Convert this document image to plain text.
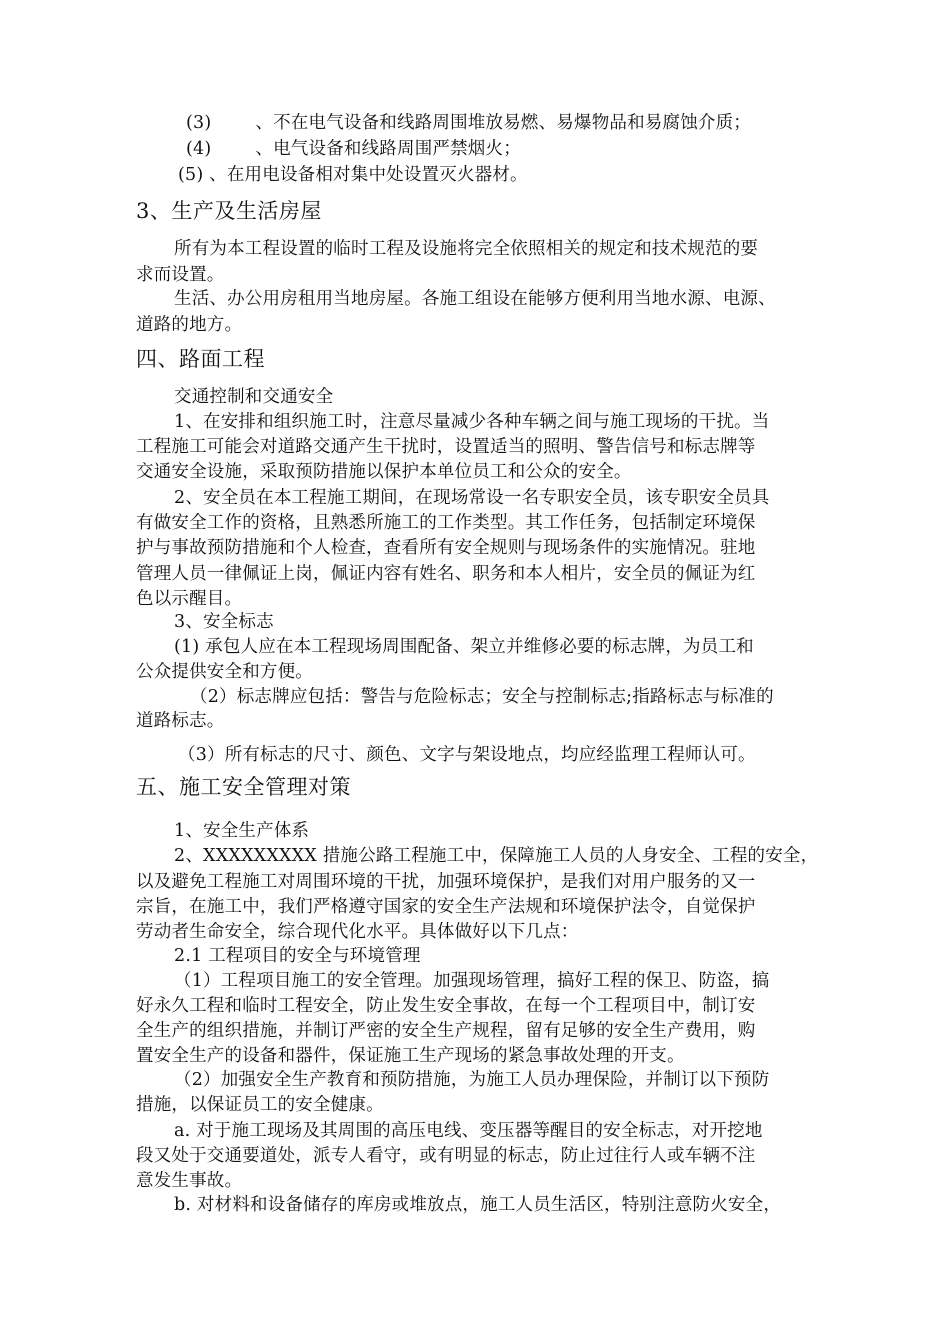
(3)	、不在电气设备和线路周围堆放易燃、易爆物品和易腐蚀介质；
(4)	、电气设备和线路周围严禁烟火；
(5) 、在用电设备相对集中处设置灭火器材。
3、生产及生活房屋
所有为本工程设置的临时工程及设施将完全依照相关的规定和技术规范的要
求而设置。
生活、办公用房租用当地房屋。各施工组设在能够方便利用当地水源、电源、
道路的地方。
四、路面工程
交通控制和交通安全
1、在安排和组织施工时，注意尽量减少各种车辆之间与施工现场的干扰。当
工程施工可能会对道路交通产生干扰时，设置适当的照明、警告信号和标志牌等
交通安全设施，采取预防措施以保护本单位员工和公众的安全。
2、安全员在本工程施工期间，在现场常设一名专职安全员，该专职安全员具
有做安全工作的资格，且熟悉所施工的工作类型。其工作任务，包括制定环境保
护与事故预防措施和个人检查，查看所有安全规则与现场条件的实施情况。驻地
管理人员一律佩证上岗，佩证内容有姓名、职务和本人相片，安全员的佩证为红
色以示醒目。
3、安全标志
(1) 承包人应在本工程现场周围配备、架立并维修必要的标志牌，为员工和
公众提供安全和方便。
（2）标志牌应包括：警告与危险标志；安全与控制标志;指路标志与标准的
道路标志。
（3）所有标志的尺寸、颜色、文字与架设地点，均应经监理工程师认可。
五、施工安全管理对策
1、安全生产体系
2、XXXXXXXXX 措施公路工程施工中，保障施工人员的人身安全、工程的安全，
以及避免工程施工对周围环境的干扰，加强环境保护，是我们对用户服务的又一
宗旨，在施工中，我们严格遵守国家的安全生产法规和环境保护法令，自觉保护
劳动者生命安全，综合现代化水平。具体做好以下几点：
2.1 工程项目的安全与环境管理
（1）工程项目施工的安全管理。加强现场管理，搞好工程的保卫、防盗，搞
好永久工程和临时工程安全，防止发生安全事故，在每一个工程项目中，制订安
全生产的组织措施，并制订严密的安全生产规程，留有足够的安全生产费用，购
置安全生产的设备和器件，保证施工生产现场的紧急事故处理的开支。
（2）加强安全生产教育和预防措施，为施工人员办理保险，并制订以下预防
措施，以保证员工的安全健康。
a. 对于施工现场及其周围的高压电线、变压器等醒目的安全标志，对开挖地
段又处于交通要道处，派专人看守，或有明显的标志，防止过往行人或车辆不注
意发生事故。
b. 对材料和设备储存的库房或堆放点，施工人员生活区，特别注意防火安全，
